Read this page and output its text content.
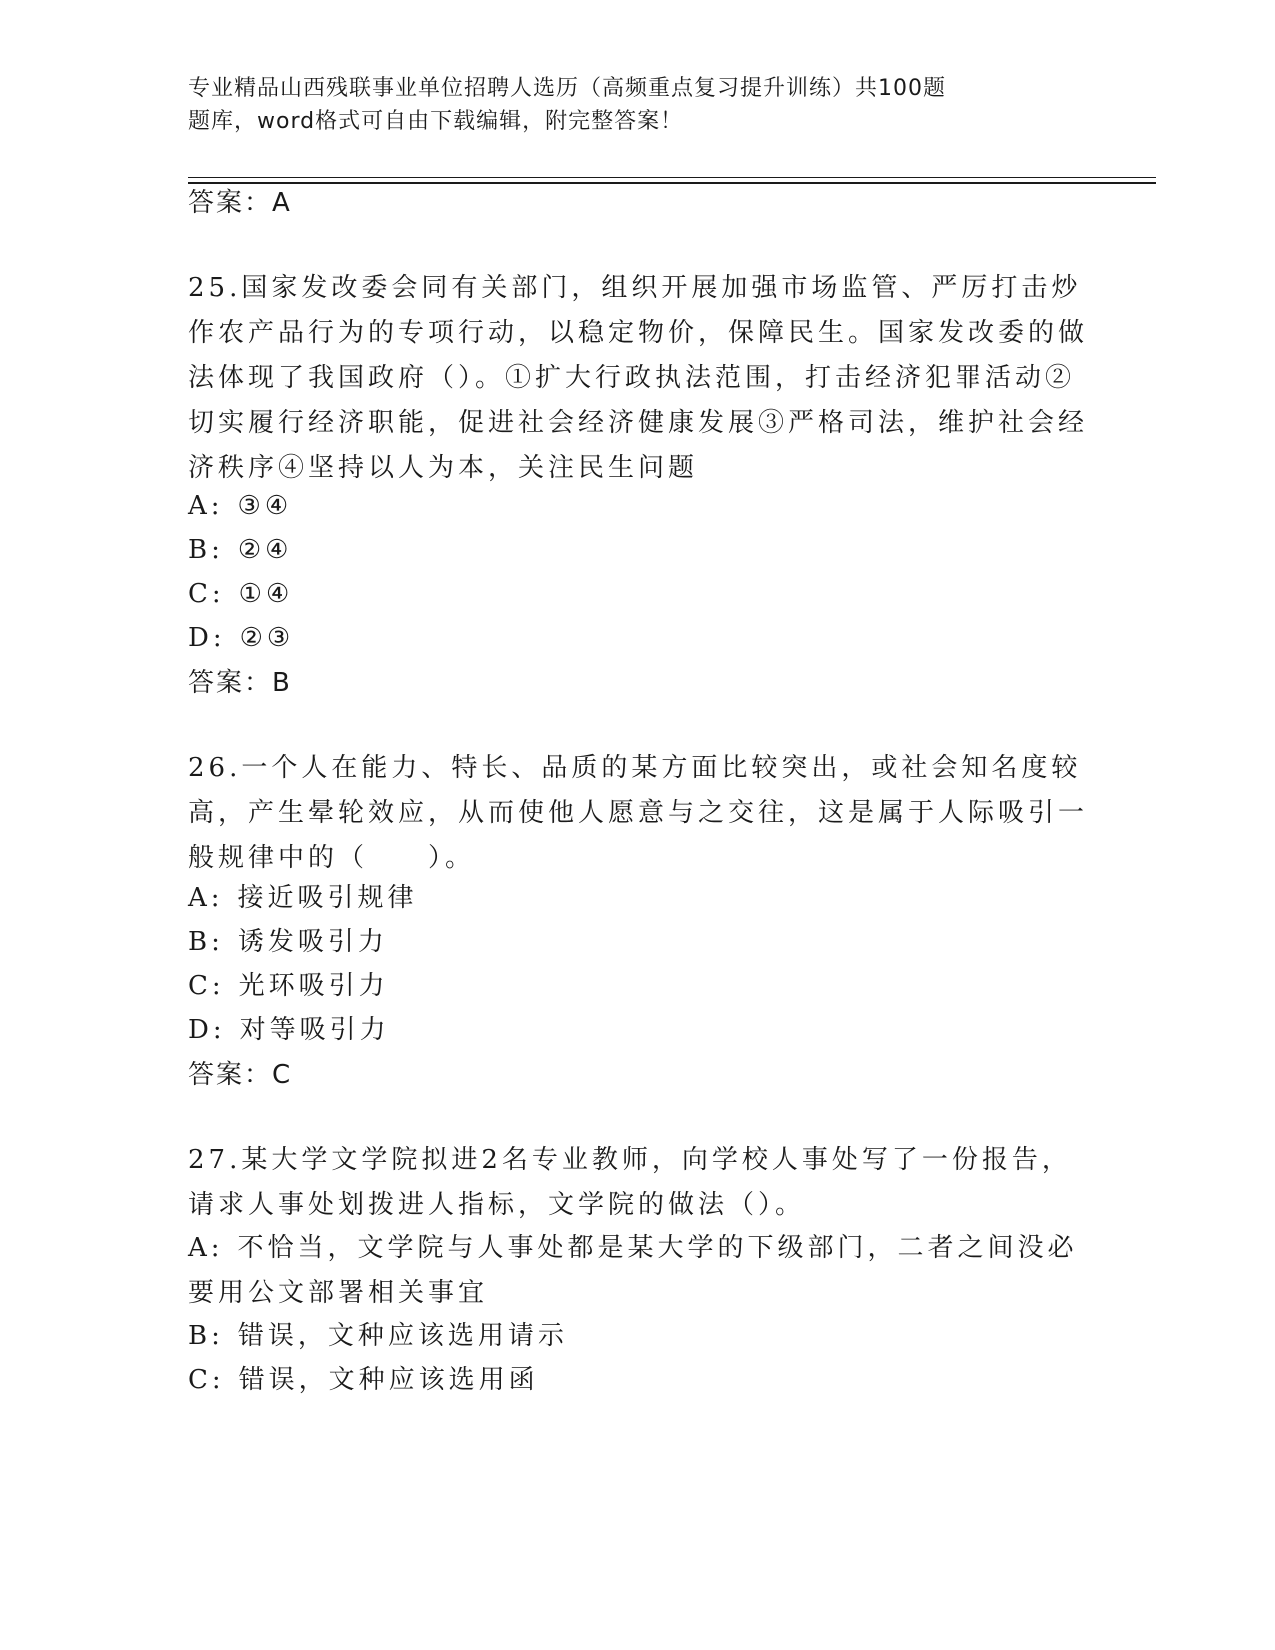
专业精品山西残联事业单位招聘人选历（高频重点复习提升训练）共100题
题库，word格式可自由下载编辑，附完整答案！
答案：A
25.国家发改委会同有关部门，组织开展加强市场监管、严厉打击炒作农产品行为的专项行动，以稳定物价，保障民生。国家发改委的做法体现了我国政府（）。①扩大行政执法范围，打击经济犯罪活动②切实履行经济职能，促进社会经济健康发展③严格司法，维护社会经济秩序④坚持以人为本，关注民生问题
A: ③④
B: ②④
C: ①④
D: ②③
答案：B
26.一个人在能力、特长、品质的某方面比较突出，或社会知名度较高，产生晕轮效应，从而使他人愿意与之交往，这是属于人际吸引一般规律中的（　　）。
A: 接近吸引规律
B: 诱发吸引力
C: 光环吸引力
D: 对等吸引力
答案：C
27.某大学文学院拟进2名专业教师，向学校人事处写了一份报告，请求人事处划拨进人指标，文学院的做法（）。
A: 不恰当，文学院与人事处都是某大学的下级部门，二者之间没必要用公文部署相关事宜
B: 错误，文种应该选用请示
C: 错误，文种应该选用函
